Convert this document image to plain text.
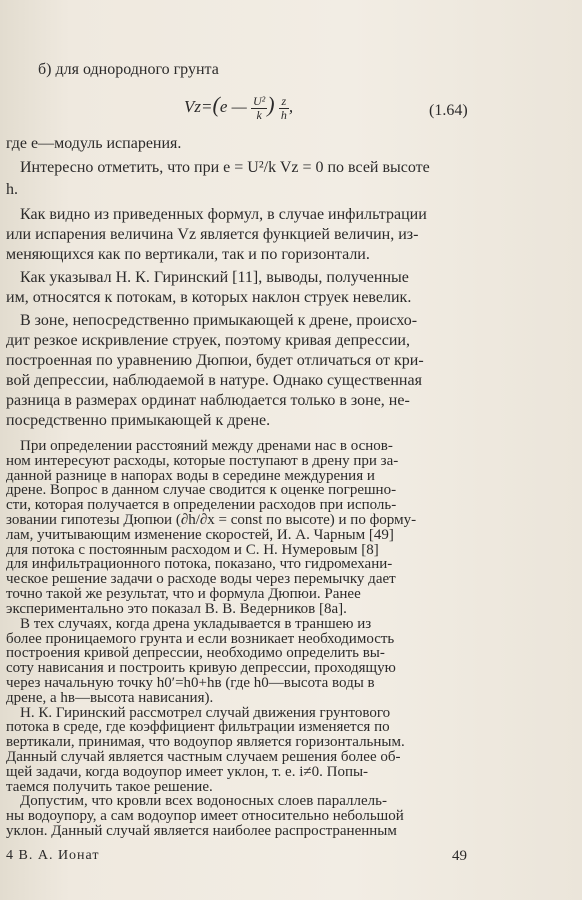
б) для однородного грунта

Vz=(e — $\frac{\text{U²}}{k}$ ) $\frac{z}{h}$ ,	(1.64)

где e—модуль испарения.

Интересно отметить, что при e = U²/k Vz = 0 по всей высоте

h.

Как видно из приведенных формул, в случае инфильтрации

или испарения величина Vz является функцией величин, из-

меняющихся как по вертикали, так и по горизонтали.

Как указывал Н. К. Гиринский [11], выводы, полученные

им, относятся к потокам, в которых наклон струек невелик.

В зоне, непосредственно примыкающей к дрене, происхо-

дит резкое искривление струек, поэтому кривая депрессии,

построенная по уравнению Дюпюи, будет отличаться от кри-

вой депрессии, наблюдаемой в натуре. Однако существенная

разница в размерах ординат наблюдается только в зоне, не-

посредственно примыкающей к дрене.

При определении расстояний между дренами нас в основ-

ном интересуют расходы, которые поступают в дрену при за-

данной разнице в напорах воды в середине междурения и

дрене. Вопрос в данном случае сводится к оценке погрешно-

сти, которая получается в определении расходов при исполь-

зовании гипотезы Дюпюи (∂h/∂x = const по высоте) и по форму-

лам, учитывающим изменение скоростей, И. А. Чарным [49]

для потока с постоянным расходом и С. Н. Нумеровым [8]

для инфильтрационного потока, показано, что гидромехани-

ческое решение задачи о расходе воды через перемычку дает

точно такой же результат, что и формула Дюпюи. Ранее

экспериментально это показал В. В. Ведерников [8а].

В тех случаях, когда дрена укладывается в траншею из

более проницаемого грунта и если возникает необходимость

построения кривой депрессии, необходимо определить вы-

соту нависания и построить кривую депрессии, проходящую

через начальную точку h0′=h0+hв (где h0—высота воды в

дрене, а hв—высота нависания).

Н. К. Гиринский рассмотрел случай движения грунтового

потока в среде, где коэффициент фильтрации изменяется по

вертикали, принимая, что водоупор является горизонтальным.

Данный случай является частным случаем решения более об-

щей задачи, когда водоупор имеет уклон, т. е. i≠0. Попы-

таемся получить такое решение.

Допустим, что кровли всех водоносных слоев параллель-

ны водоупору, а сам водоупор имеет относительно небольшой

уклон. Данный случай является наиболее распространенным

4 В. А. Ионат	49
